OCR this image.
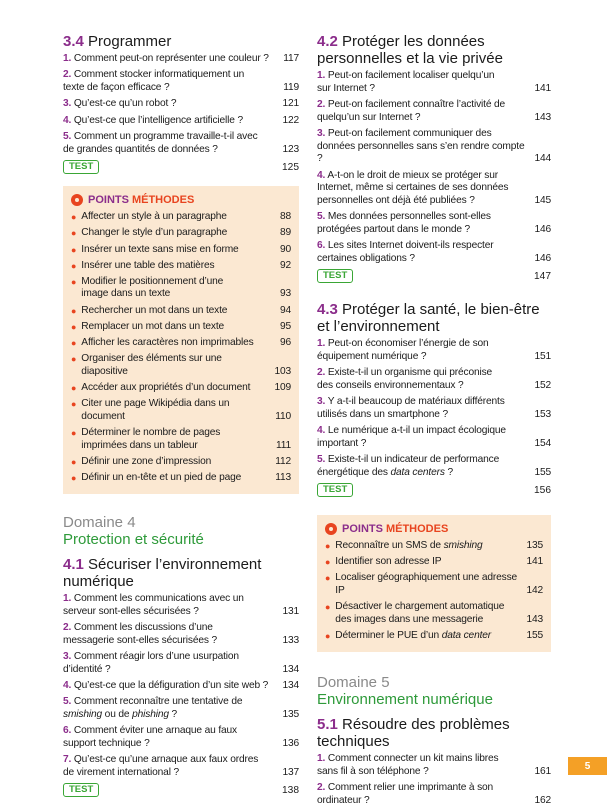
3.4 Programmer
1. Comment peut-on représenter une couleur ?	117
2. Comment stocker informatiquement un texte de façon efficace ?	119
3. Qu’est-ce qu’un robot ?	121
4. Qu’est-ce que l’intelligence artificielle ?	122
5. Comment un programme travaille-t-il avec de grandes quantités de données ?	123
TEST	125
POINTS MÉTHODES
● Affecter un style à un paragraphe	88
● Changer le style d’un paragraphe	89
● Insérer un texte sans mise en forme	90
● Insérer une table des matières	92
● Modifier le positionnement d’une image dans un texte	93
● Rechercher un mot dans un texte	94
● Remplacer un mot dans un texte	95
● Afficher les caractères non imprimables	96
● Organiser des éléments sur une diapositive	103
● Accéder aux propriétés d’un document 109
● Citer une page Wikipédia dans un document	110
● Déterminer le nombre de pages imprimées dans un tableur	111
● Définir une zone d’impression	112
● Définir un en-tête et un pied de page	113
Domaine 4
Protection et sécurité
4.1 Sécuriser l’environnement numérique
1. Comment les communications avec un serveur sont-elles sécurisées ?	131
2. Comment les discussions d’une messagerie sont-elles sécurisées ?	133
3. Comment réagir lors d’une usurpation d’identité ?	134
4. Qu’est-ce que la défiguration d’un site web ?	134
5. Comment reconnaître une tentative de smishing ou de phishing ?	135
6. Comment éviter une arnaque au faux support technique ?	136
7. Qu’est-ce qu’une arnaque aux faux ordres de virement international ?	137
TEST	138
4.2 Protéger les données personnelles et la vie privée
1. Peut-on facilement localiser quelqu’un sur Internet ?	141
2. Peut-on facilement connaître l’activité de quelqu’un sur Internet ?	143
3. Peut-on facilement communiquer des données personnelles sans s’en rendre compte ?	144
4. A-t-on le droit de mieux se protéger sur Internet, même si certaines de ses données personnelles ont déjà été publiées ?	145
5. Mes données personnelles sont-elles protégées partout dans le monde ?	146
6. Les sites Internet doivent-ils respecter certaines obligations ?	146
TEST	147
4.3 Protéger la santé, le bien-être et l’environnement
1. Peut-on économiser l’énergie de son équipement numérique ?	151
2. Existe-t-il un organisme qui préconise des conseils environnementaux ?	152
3. Y a-t-il beaucoup de matériaux différents utilisés dans un smartphone ?	153
4. Le numérique a-t-il un impact écologique important ?	154
5. Existe-t-il un indicateur de performance énergétique des data centers ?	155
TEST	156
POINTS MÉTHODES
● Reconnaître un SMS de smishing	135
● Identifier son adresse IP	141
● Localiser géographiquement une adresse IP	142
● Désactiver le chargement automatique des images dans une messagerie	143
● Déterminer le PUE d’un data center	155
Domaine 5
Environnement numérique
5.1 Résoudre des problèmes techniques
1. Comment connecter un kit mains libres sans fil à son téléphone ?	161
2. Comment relier une imprimante à son ordinateur ?	162
5
